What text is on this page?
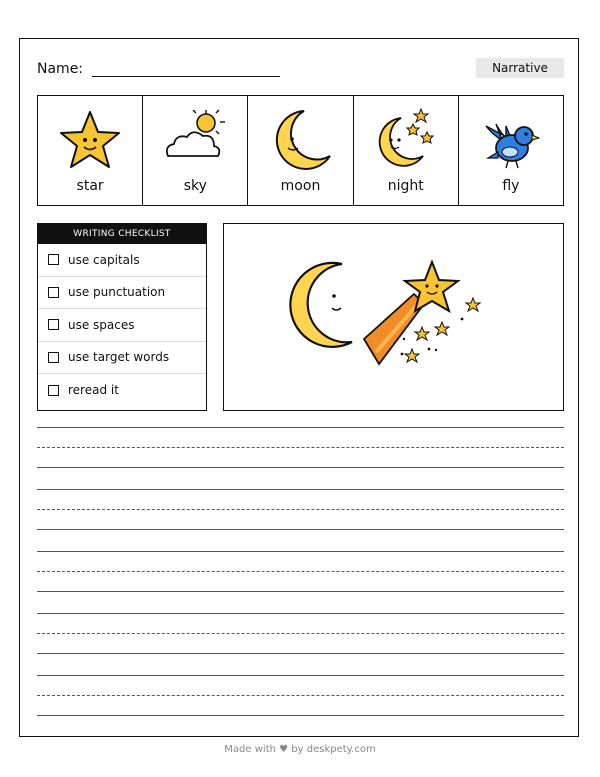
Name:	Narrative
star	sky	moon	night	fly
WRITING CHECKLIST
use capitals
use punctuation
use spaces
use target words
reread it
Made with ♥ by deskpety.com
